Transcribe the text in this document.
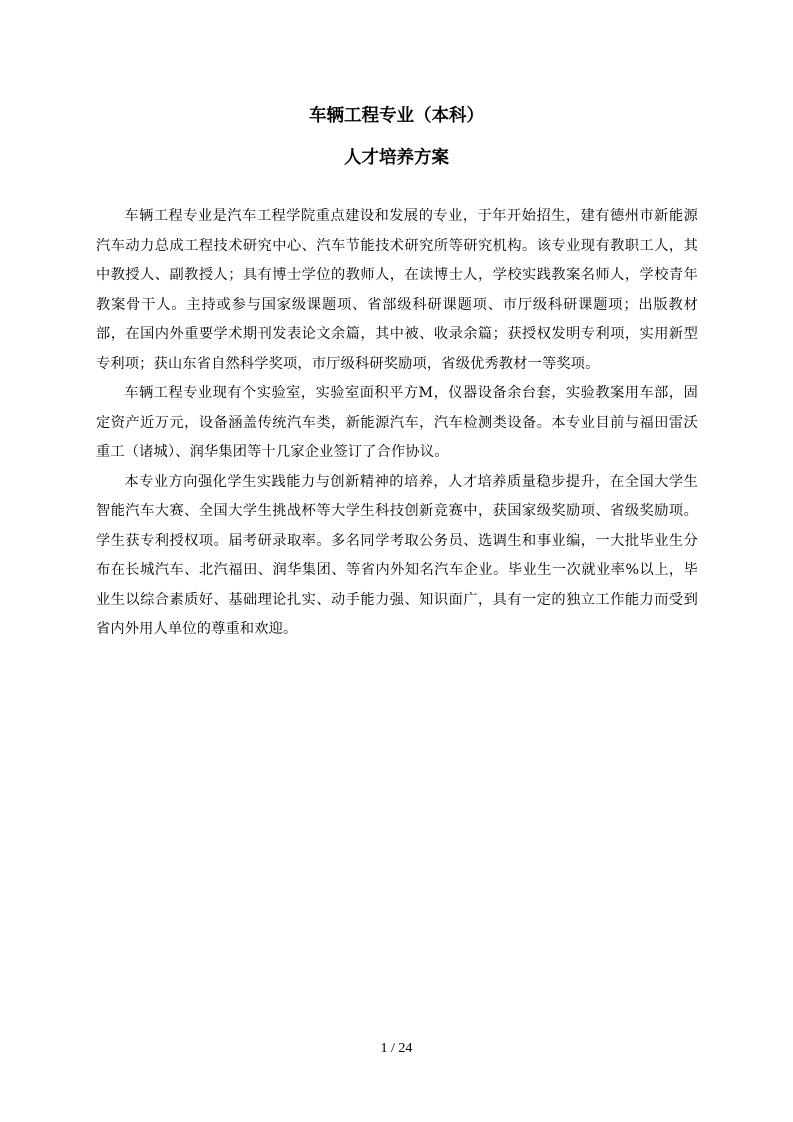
车辆工程专业（本科）
人才培养方案

车辆工程专业是汽车工程学院重点建设和发展的专业，于年开始招生，建有德州市新能源汽车动力总成工程技术研究中心、汽车节能技术研究所等研究机构。该专业现有教职工人，其中教授人、副教授人；具有博士学位的教师人，在读博士人，学校实践教案名师人，学校青年教案骨干人。主持或参与国家级课题项、省部级科研课题项、市厅级科研课题项；出版教材部，在国内外重要学术期刊发表论文余篇，其中被、收录余篇；获授权发明专利项，实用新型专利项；获山东省自然科学奖项，市厅级科研奖励项，省级优秀教材一等奖项。

车辆工程专业现有个实验室，实验室面积平方M，仪器设备余台套，实验教案用车部，固定资产近万元，设备涵盖传统汽车类，新能源汽车，汽车检测类设备。本专业目前与福田雷沃重工（诸城）、润华集团等十几家企业签订了合作协议。

本专业方向强化学生实践能力与创新精神的培养，人才培养质量稳步提升，在全国大学生智能汽车大赛、全国大学生挑战杯等大学生科技创新竞赛中，获国家级奖励项、省级奖励项。学生获专利授权项。届考研录取率。多名同学考取公务员、选调生和事业编，一大批毕业生分布在长城汽车、北汽福田、润华集团、等省内外知名汽车企业。毕业生一次就业率%以上，毕业生以综合素质好、基础理论扎实、动手能力强、知识面广，具有一定的独立工作能力而受到省内外用人单位的尊重和欢迎。

1 / 24
